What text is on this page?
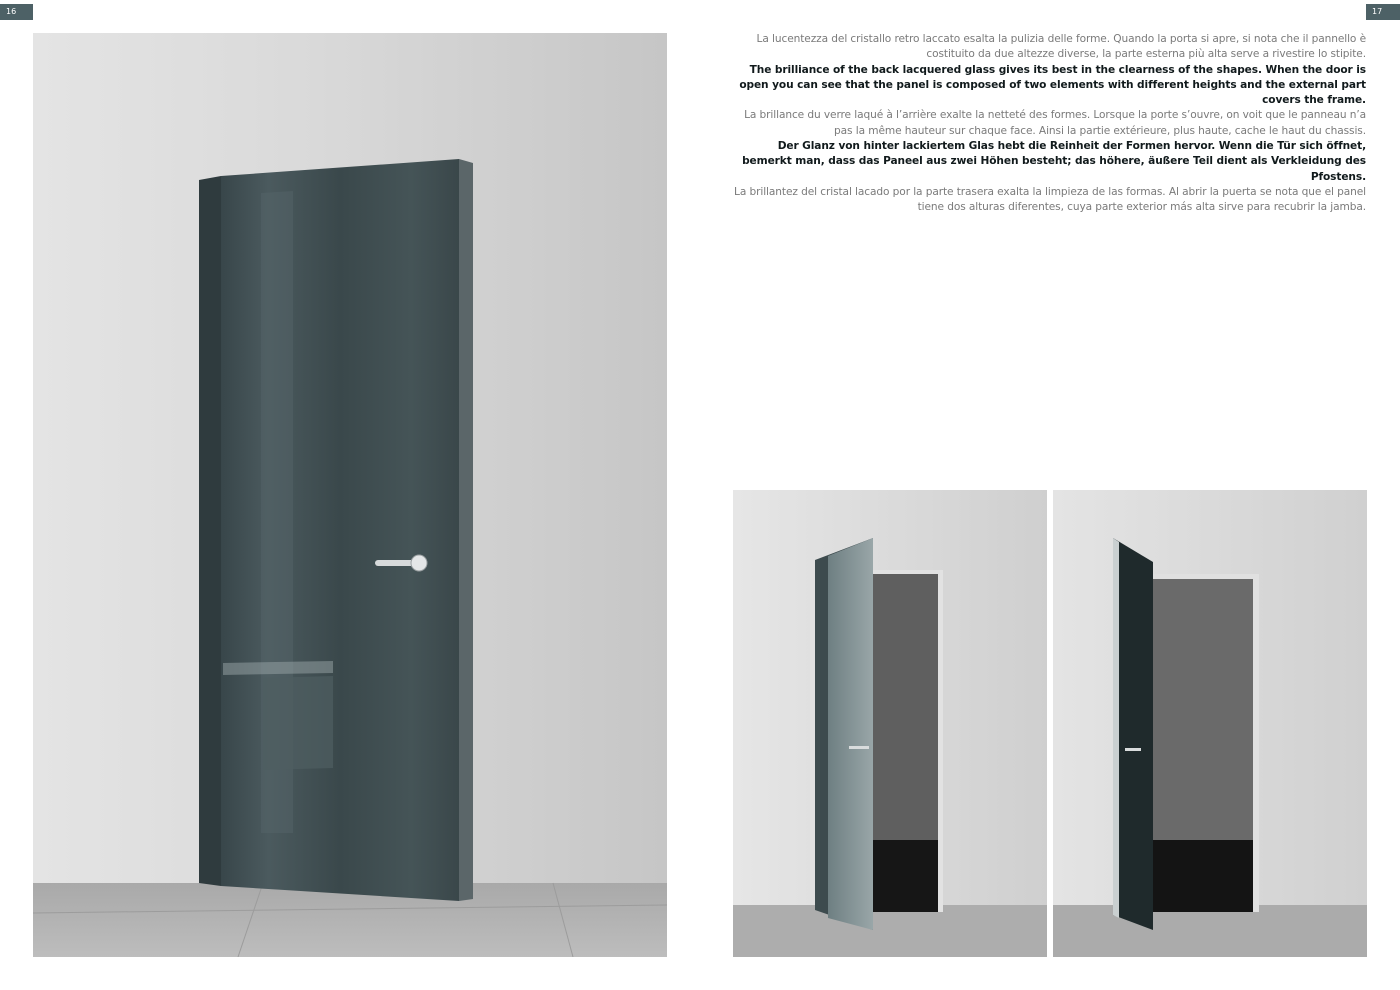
16	17

La lucentezza del cristallo retro laccato esalta la pulizia delle forme. Quando la porta si apre, si nota che il pannello è costituito da due altezze diverse, la parte esterna più alta serve a rivestire lo stipite.

The brilliance of the back lacquered glass gives its best in the clearness of the shapes. When the door is open you can see that the panel is composed of two elements with different heights and the external part covers the frame.

La brillance du verre laqué à l’arrière exalte la netteté des formes. Lorsque la porte s’ouvre, on voit que le panneau n’a pas la même hauteur sur chaque face. Ainsi la partie extérieure, plus haute, cache le haut du chassis.

Der Glanz von hinter lackiertem Glas hebt die Reinheit der Formen hervor. Wenn die Tür sich öffnet, bemerkt man, dass das Paneel aus zwei Höhen besteht; das höhere, äußere Teil dient als Verkleidung des Pfostens.

La brillantez del cristal lacado por la parte trasera exalta la limpieza de las formas. Al abrir la puerta se nota que el panel tiene dos alturas diferentes, cuya parte exterior más alta sirve para recubrir la jamba.
